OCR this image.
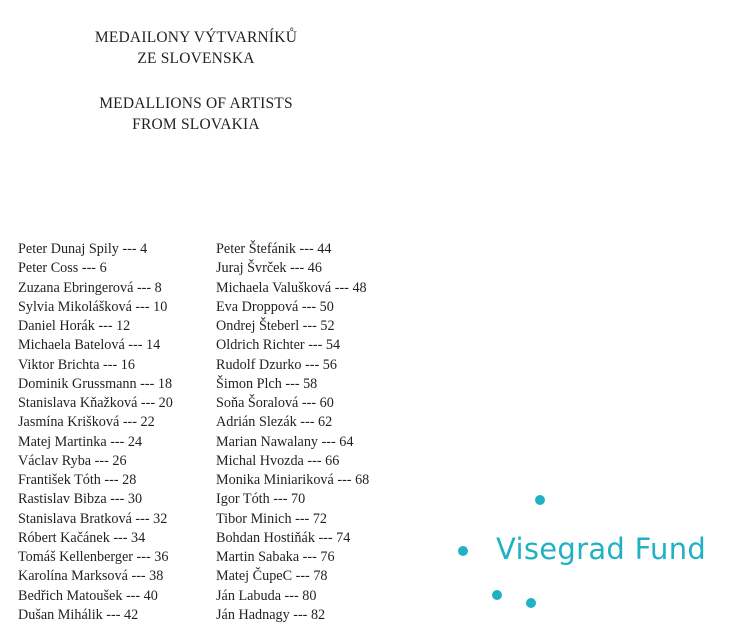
MEDAILONY VÝTVARNÍKŮ
ZE SLOVENSKA
MEDALLIONS OF ARTISTS
FROM SLOVAKIA
Peter Dunaj Spily --- 4
Peter Coss --- 6
Zuzana Ebringerová --- 8
Sylvia Mikolášková --- 10
Daniel Horák --- 12
Michaela Batelová --- 14
Viktor Brichta --- 16
Dominik Grussmann --- 18
Stanislava Kňažková --- 20
Jasmína Krišková --- 22
Matej Martinka --- 24
Václav Ryba --- 26
František Tóth --- 28
Rastislav Bibza --- 30
Stanislava Bratková --- 32
Róbert Kačánek --- 34
Tomáš Kellenberger --- 36
Karolína Marksová --- 38
Bedřich Matoušek --- 40
Dušan Mihálik --- 42
Peter Štefánik --- 44
Juraj Švrček --- 46
Michaela Valušková --- 48
Eva Droppová --- 50
Ondrej Šteberl --- 52
Oldrich Richter --- 54
Rudolf Dzurko --- 56
Šimon Plch --- 58
Soňa Šoralová --- 60
Adrián Slezák --- 62
Marian Nawalany --- 64
Michal Hvozda --- 66
Monika Miniariková --- 68
Igor Tóth --- 70
Tibor Minich --- 72
Bohdan Hostiňák --- 74
Martin Sabaka --- 76
Matej ČupeC --- 78
Ján Labuda --- 80
Ján Hadnagy --- 82
Visegrad Fund
